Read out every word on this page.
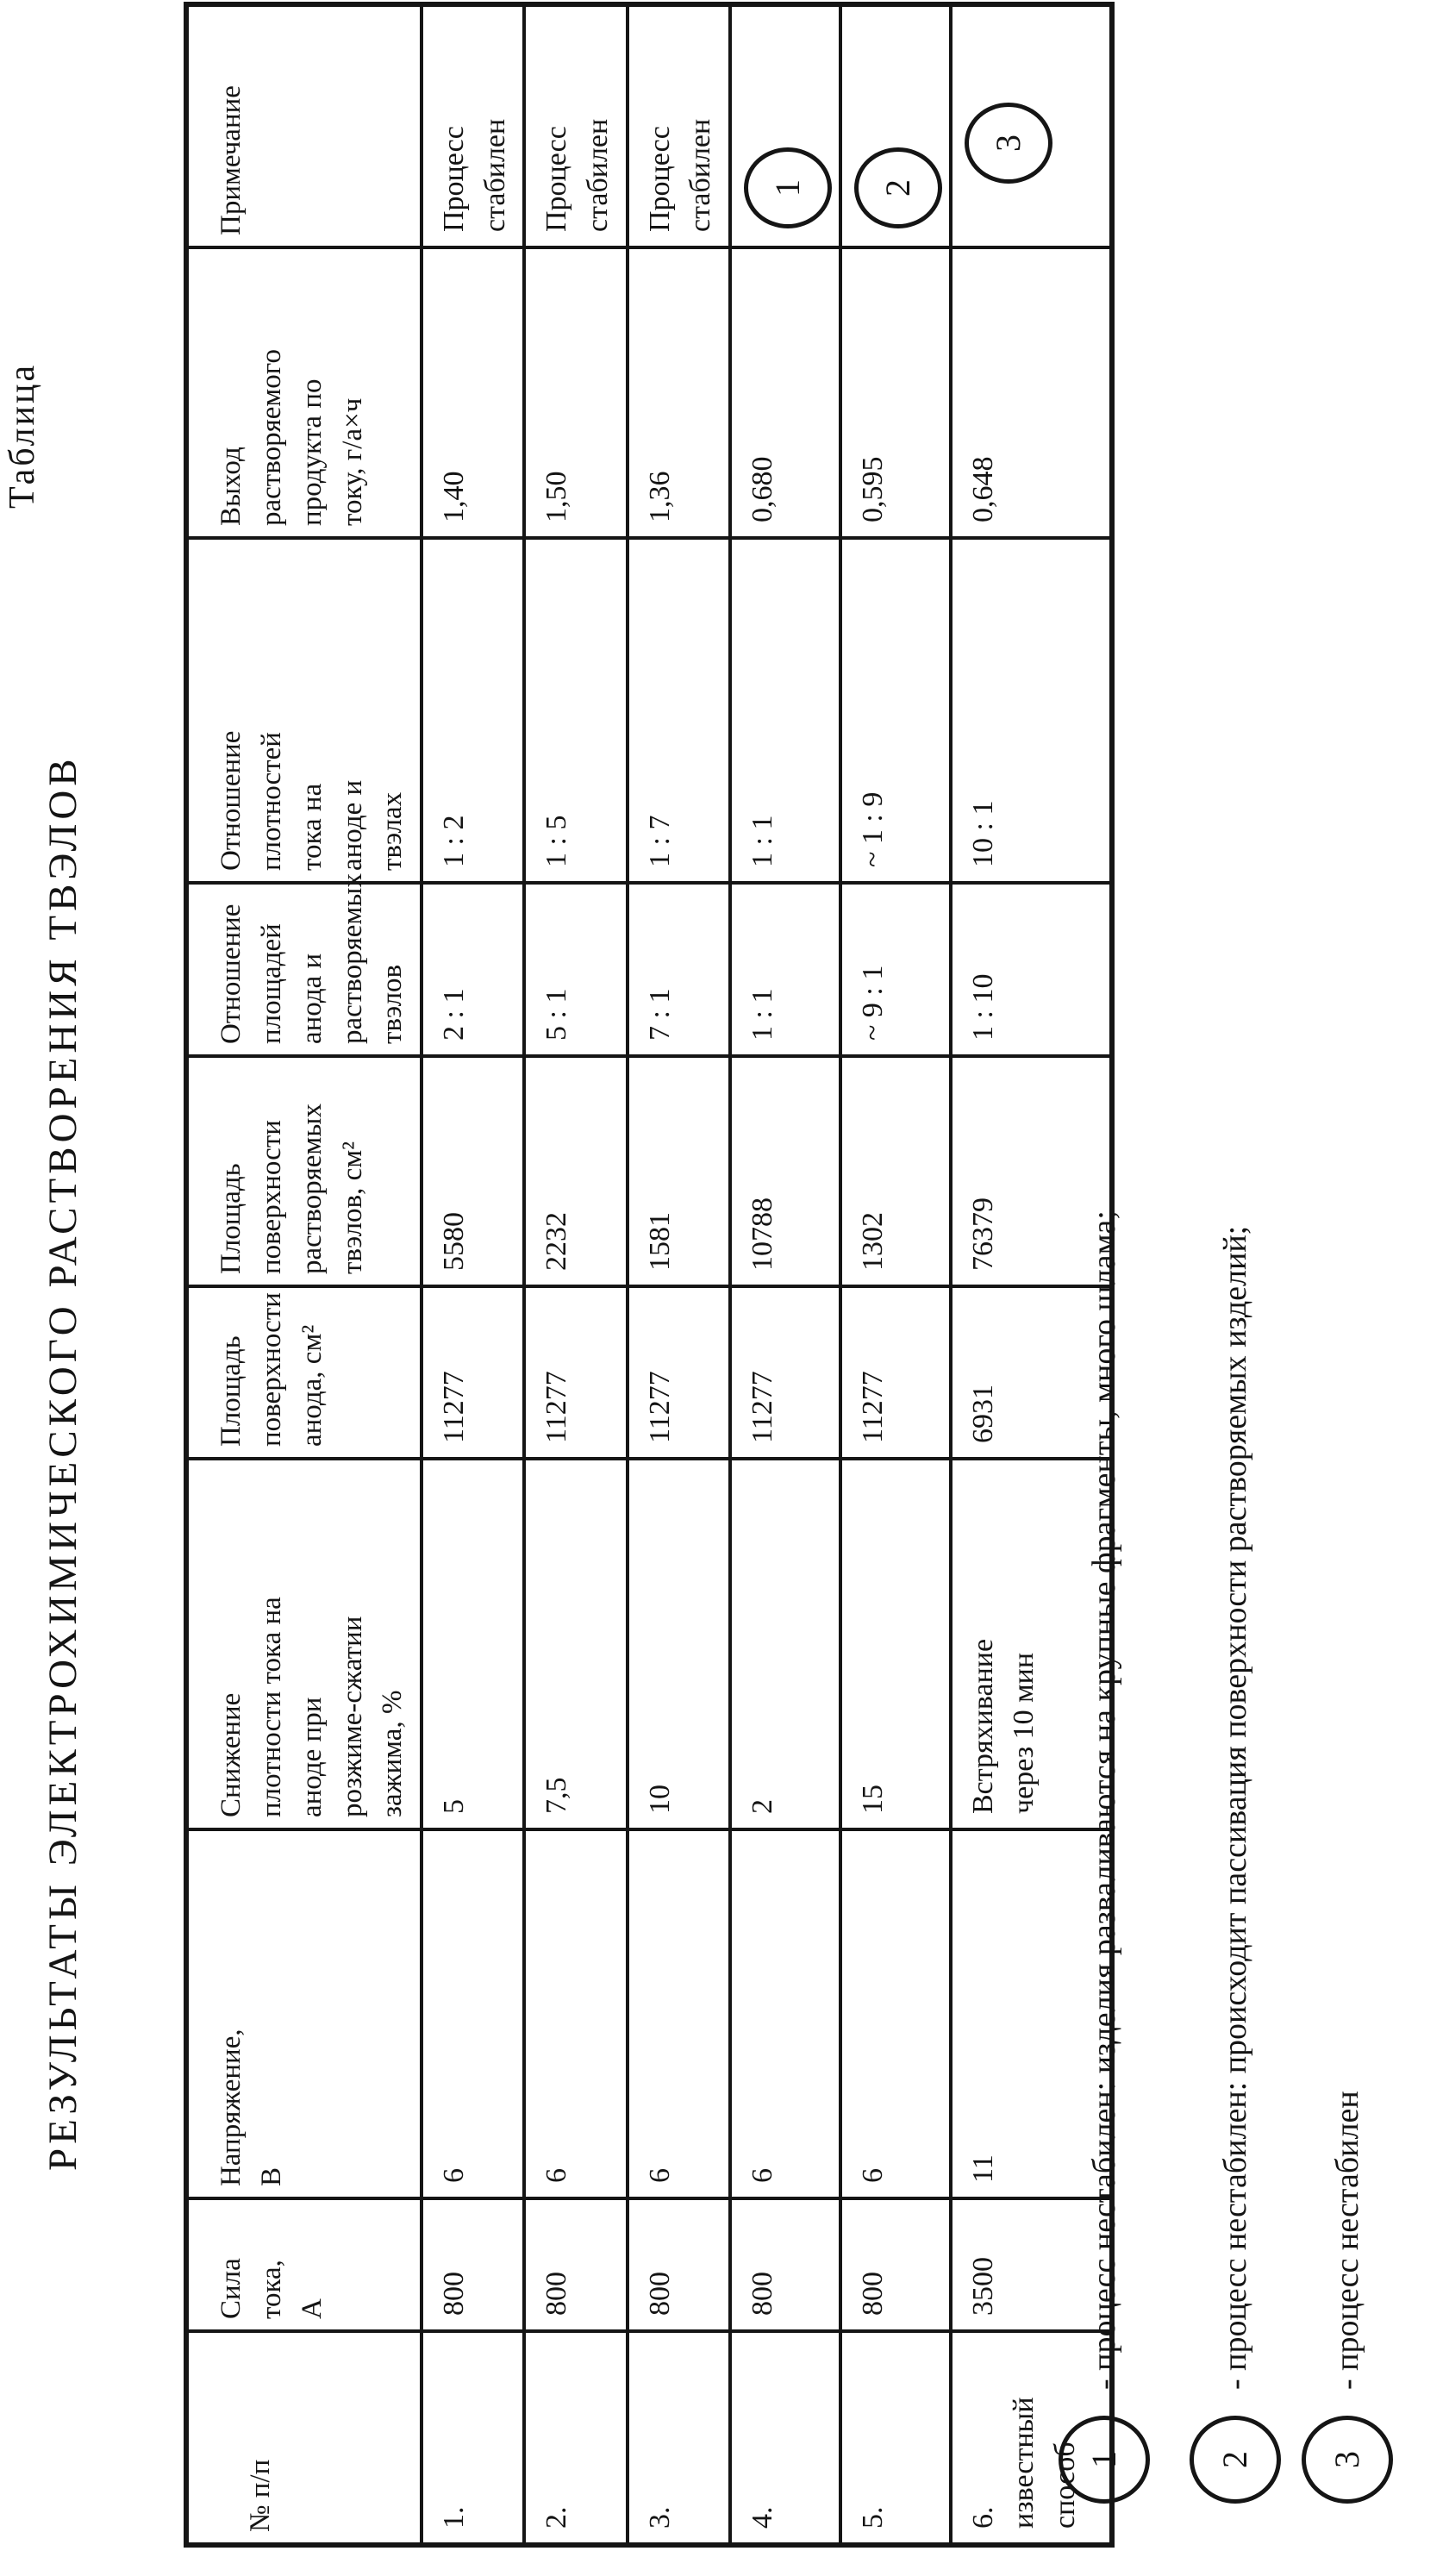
Таблица
РЕЗУЛЬТАТЫ ЭЛЕКТРОХИМИЧЕСКОГО РАСТВОРЕНИЯ ТВЭЛОВ
№ п/п	Сила
тока,
А	Напряжение,
В	Снижение
плотности тока на
аноде при
розжиме-сжатии
зажима, %	Площадь
поверхности
анода, см²	Площадь
поверхности
растворяемых
твэлов, см²	Отношение
площадей
анода и
растворяемых
твэлов	Отношение
плотностей
тока на
аноде и
твэлах	Выход
растворяемого
продукта по
току, г/а×ч	Примечание
1.	800	6	5	11277	5580	2 : 1	1 : 2	1,40	Процесс
стабилен
2.	800	6	7,5	11277	2232	5 : 1	1 : 5	1,50	Процесс
стабилен
3.	800	6	10	11277	1581	7 : 1	1 : 7	1,36	Процесс
стабилен
4.	800	6	2	11277	10788	1 : 1	1 : 1	0,680	1

5.	800	6	15	11277	1302	~ 9 : 1	~ 1 : 9	0,595	2

6.
известный
способ	3500	11	Встряхивание
через 10 мин	6931	76379	1 : 10	10 : 1	0,648	3
1
- процесс нестабилен: изделия разваливаются на крупные фрагменты, много шлама;
2
- процесс нестабилен: происходит пассивация поверхности растворяемых изделий;
3
- процесс нестабилен
